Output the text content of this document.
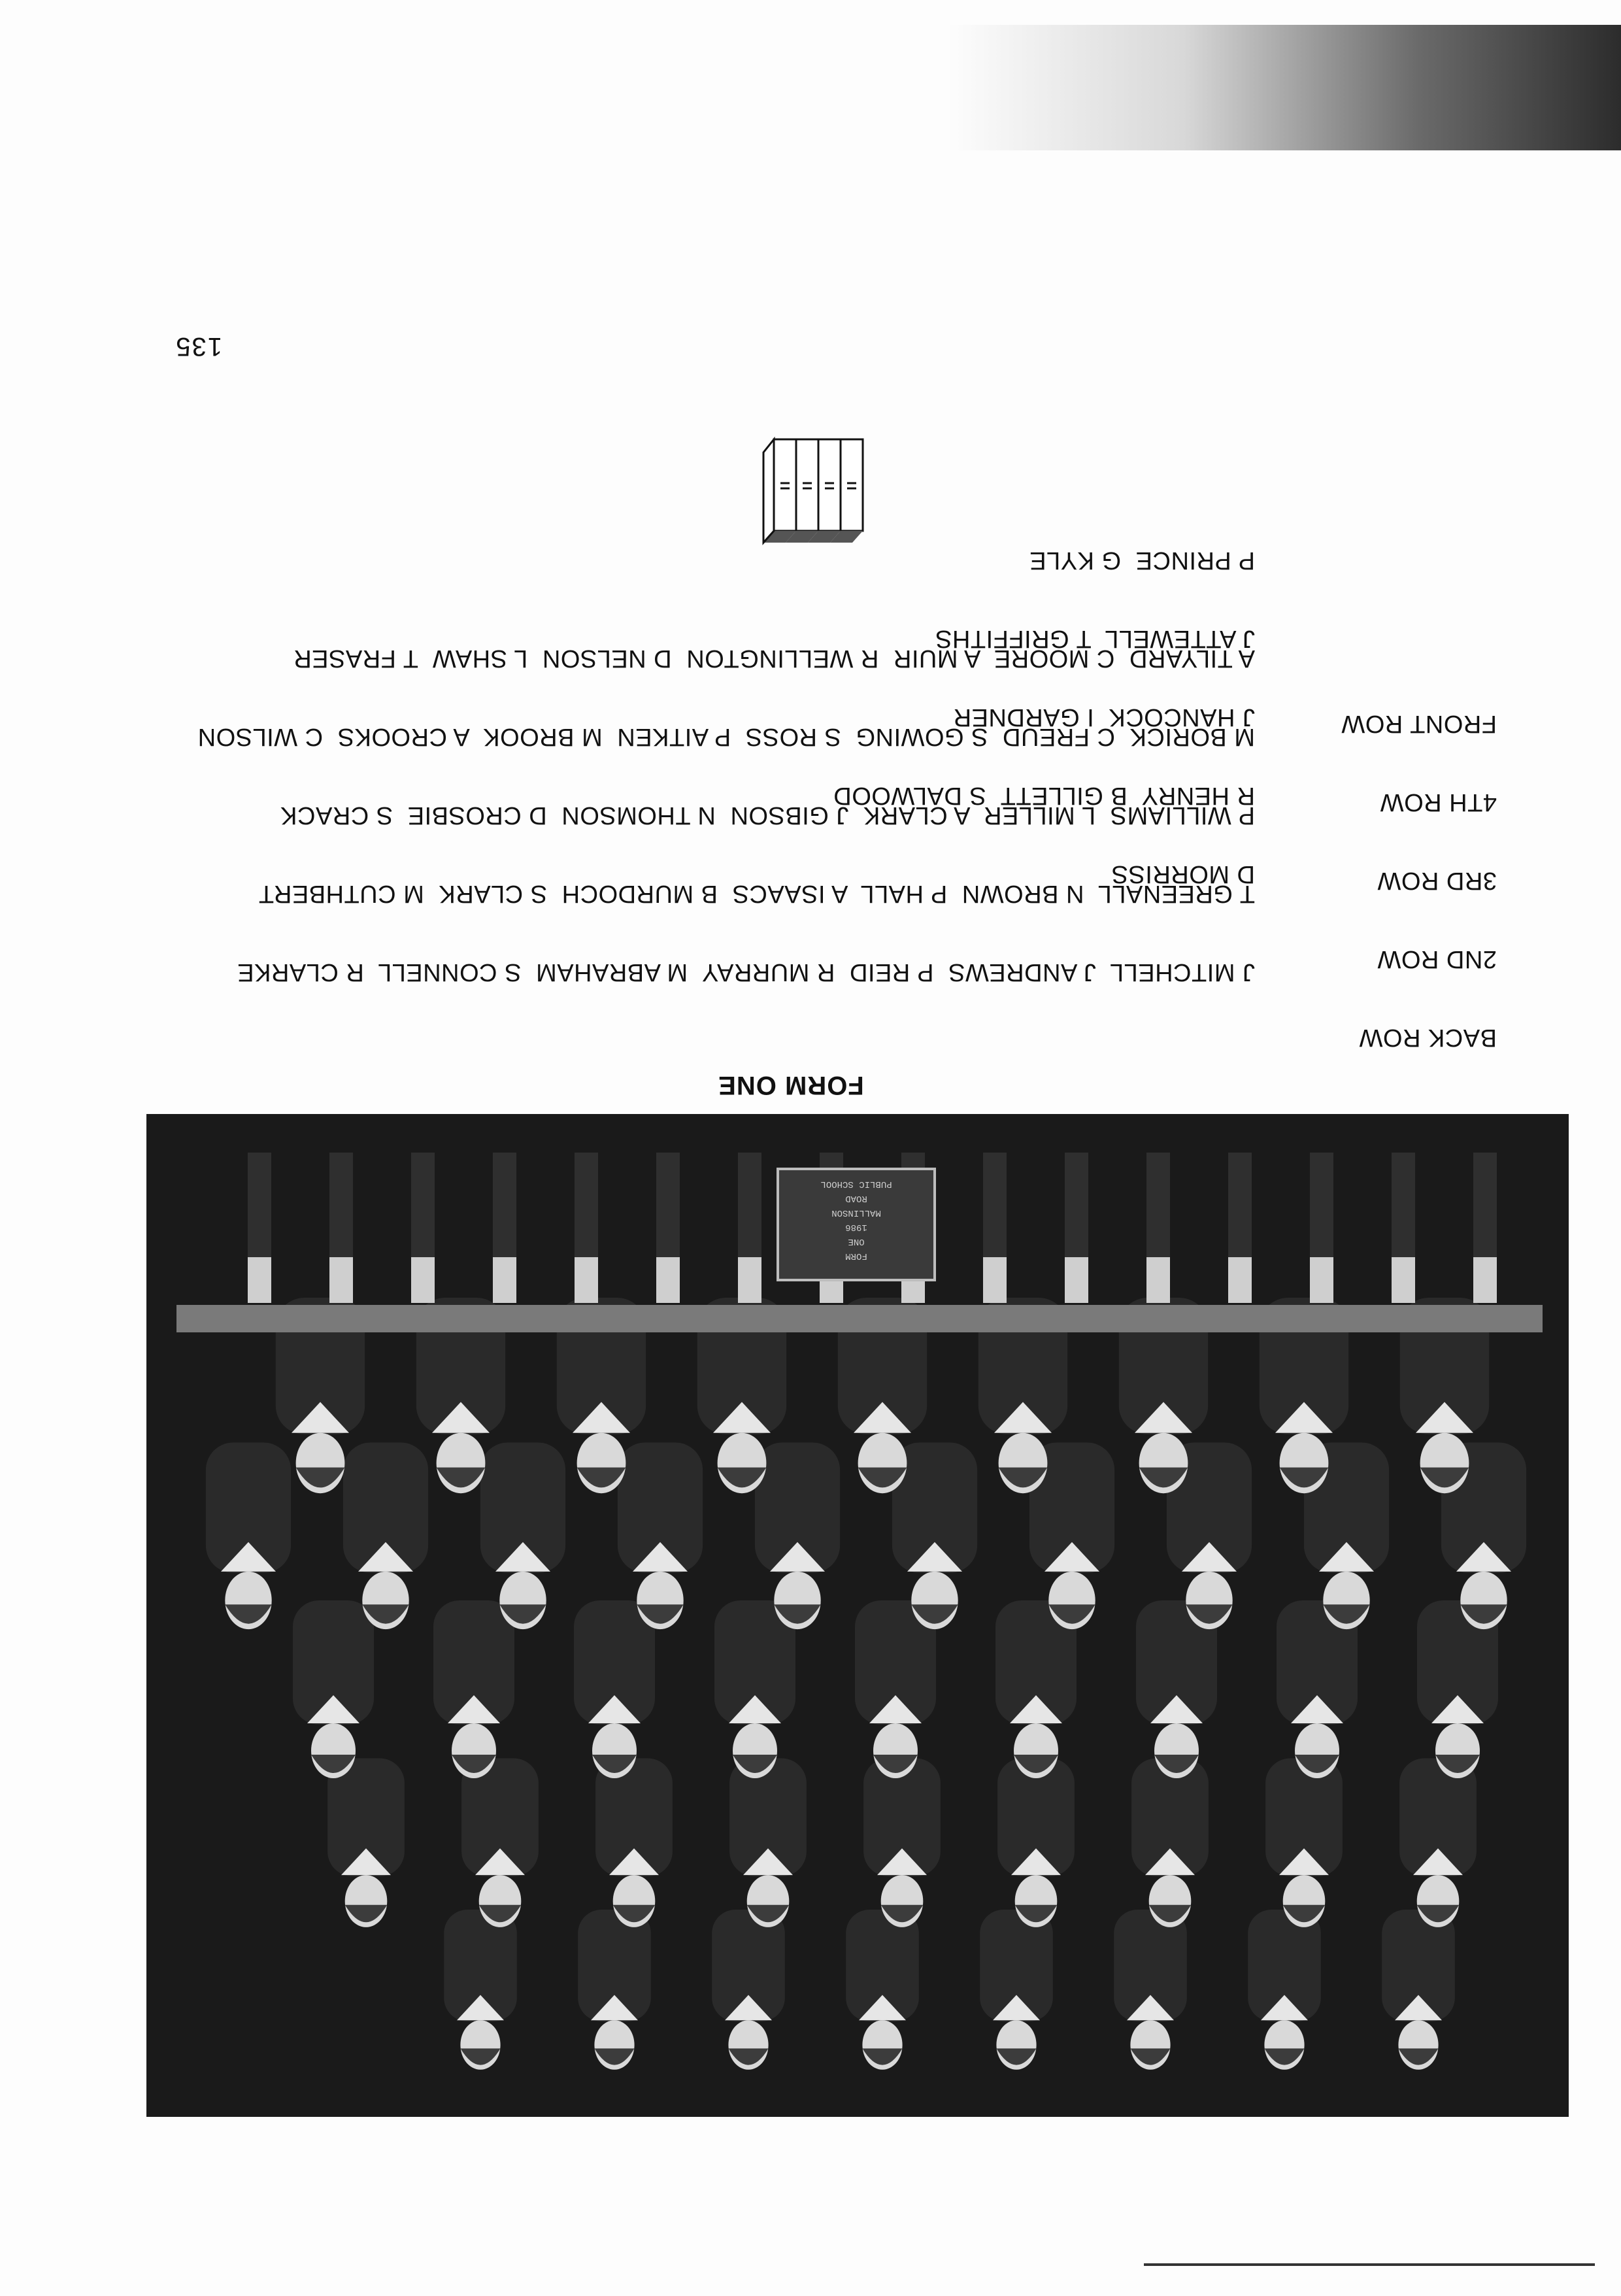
FORMONE1986MALLINSONROADPUBLIC SCHOOL
FORM ONE
BACK ROW

J MITCHELL  J ANDREWS  P REID  R MURRAY  M ABRAHAM  S CONNELL  R CLARKE

D MORRISS

2ND ROW

T GREENALL  N BROWN  P HALL  A ISAACS  B MURDOCH  S CLARK  M CUTHBERT

R HENRY  B GILLETT  S DALWOOD

3RD ROW

P WILLIAMS  L MILLER  A CLARK  J GIBSON  N THOMSON  D CROSBIE  S CRACK

J HANCOCK  I GARDNER

4TH ROW

M BORICK  C FREUD  S GOWING  S ROSS  P AITKEN  M BROOK  A CROOKS  C WILSON

J ATTEWELL  T GRIFFITHS

FRONT ROW

A TILYARD  C MOORE  A MUIR  R WELLINGTON  D NELSON  L SHAW  T FRASER

P PRINCE  G KYLE

135
